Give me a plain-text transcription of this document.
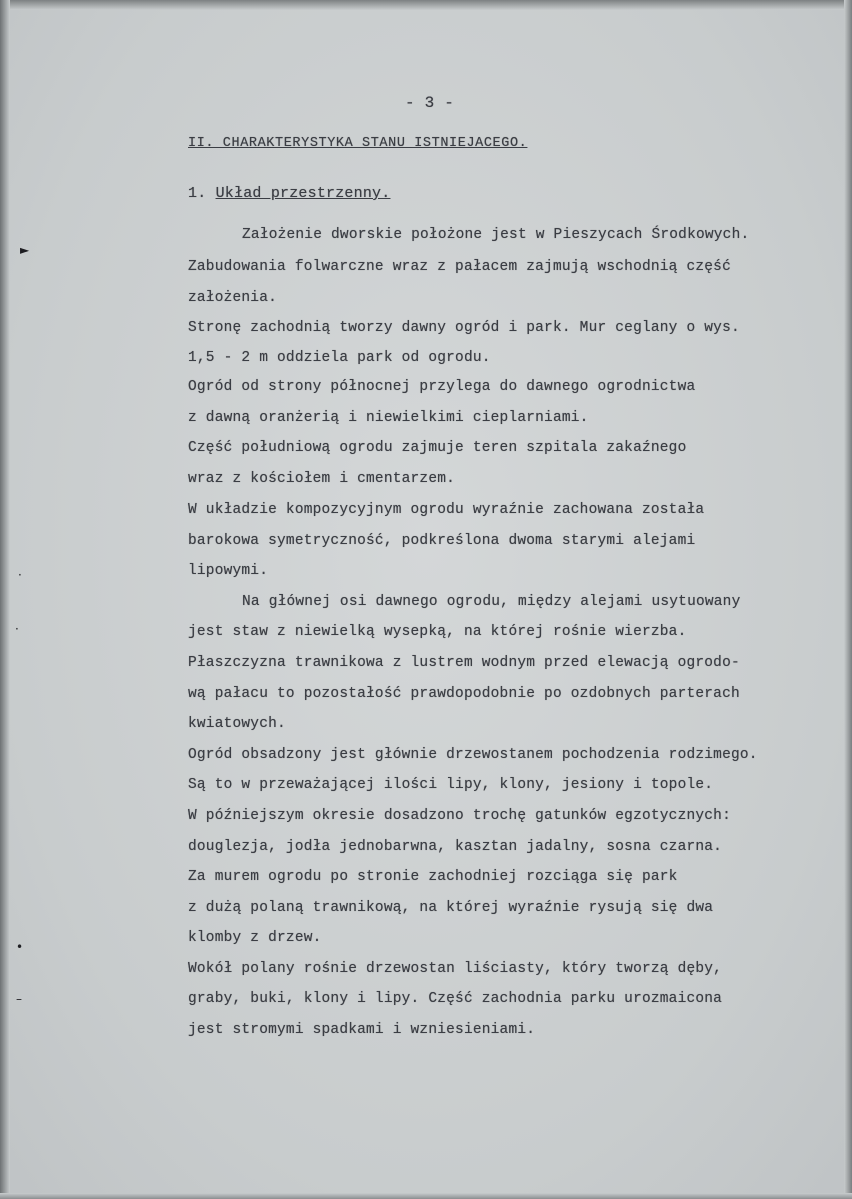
►
·
·
•
–
- 3 -
II. CHARAKTERYSTYKA STANU ISTNIEJACEGO.
1. Układ przestrzenny.
Założenie dworskie położone jest w Pieszycach Środkowych.
Zabudowania folwarczne wraz z pałacem zajmują wschodnią część
założenia.
Stronę zachodnią tworzy dawny ogród i park. Mur ceglany o wys.
1,5 - 2 m oddziela park od ogrodu.
Ogród od strony północnej przylega do dawnego ogrodnictwa
z dawną oranżerią i niewielkimi cieplarniami.
Część południową ogrodu zajmuje teren szpitala zakaźnego
wraz z kościołem i cmentarzem.
W układzie kompozycyjnym ogrodu wyraźnie zachowana została
barokowa symetryczność, podkreślona dwoma starymi alejami
lipowymi.
Na głównej osi dawnego ogrodu, między alejami usytuowany
jest staw z niewielką wysepką, na której rośnie wierzba.
Płaszczyzna trawnikowa z lustrem wodnym przed elewacją ogrodo-
wą pałacu to pozostałość prawdopodobnie po ozdobnych parterach
kwiatowych.
Ogród obsadzony jest głównie drzewostanem pochodzenia rodzimego.
Są to w przeważającej ilości lipy, klony, jesiony i topole.
W późniejszym okresie dosadzono trochę gatunków egzotycznych:
douglezja, jodła jednobarwna, kasztan jadalny, sosna czarna.
Za murem ogrodu po stronie zachodniej rozciąga się park
z dużą polaną trawnikową, na której wyraźnie rysują się dwa
klomby z drzew.
Wokół polany rośnie drzewostan liściasty, który tworzą dęby,
graby, buki, klony i lipy. Część zachodnia parku urozmaicona
jest stromymi spadkami i wzniesieniami.
